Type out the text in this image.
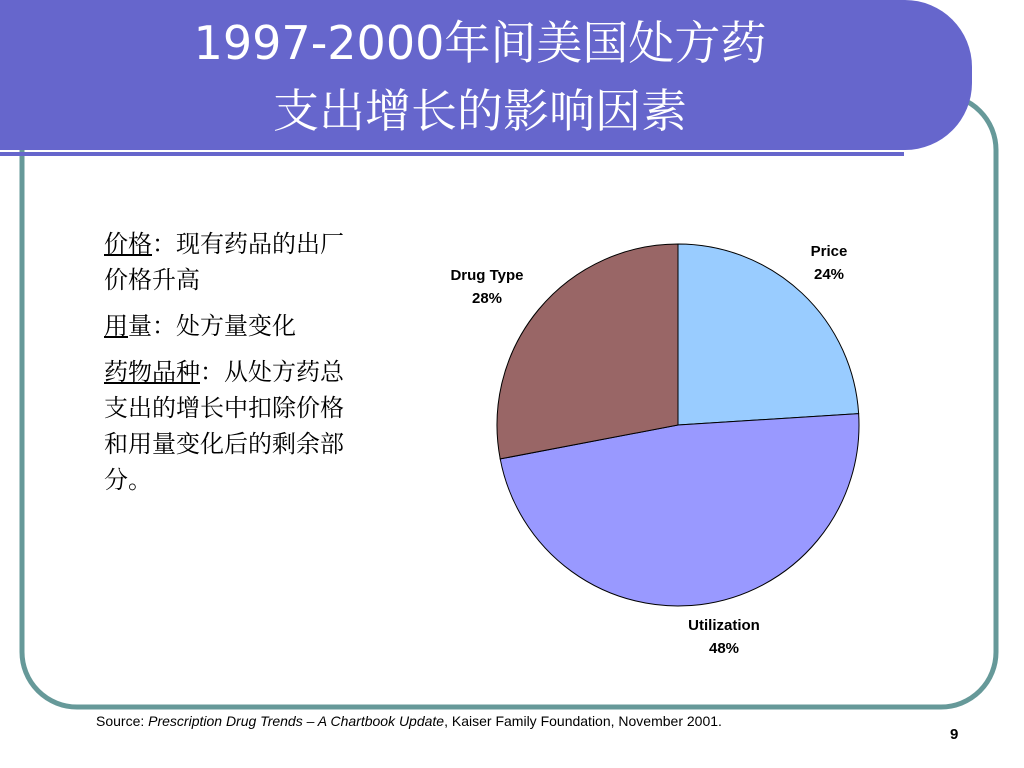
1997-2000年间美国处方药
支出增长的影响因素

价格：现有药品的出厂
价格升高

用量：处方量变化

药物品种：从处方药总
支出的增长中扣除价格
和用量变化后的剩余部
分。

Price
24%
Utilization
48%
Drug Type
28%
Source: Prescription Drug Trends – A Chartbook Update, Kaiser Family Foundation, November 2001.
9
